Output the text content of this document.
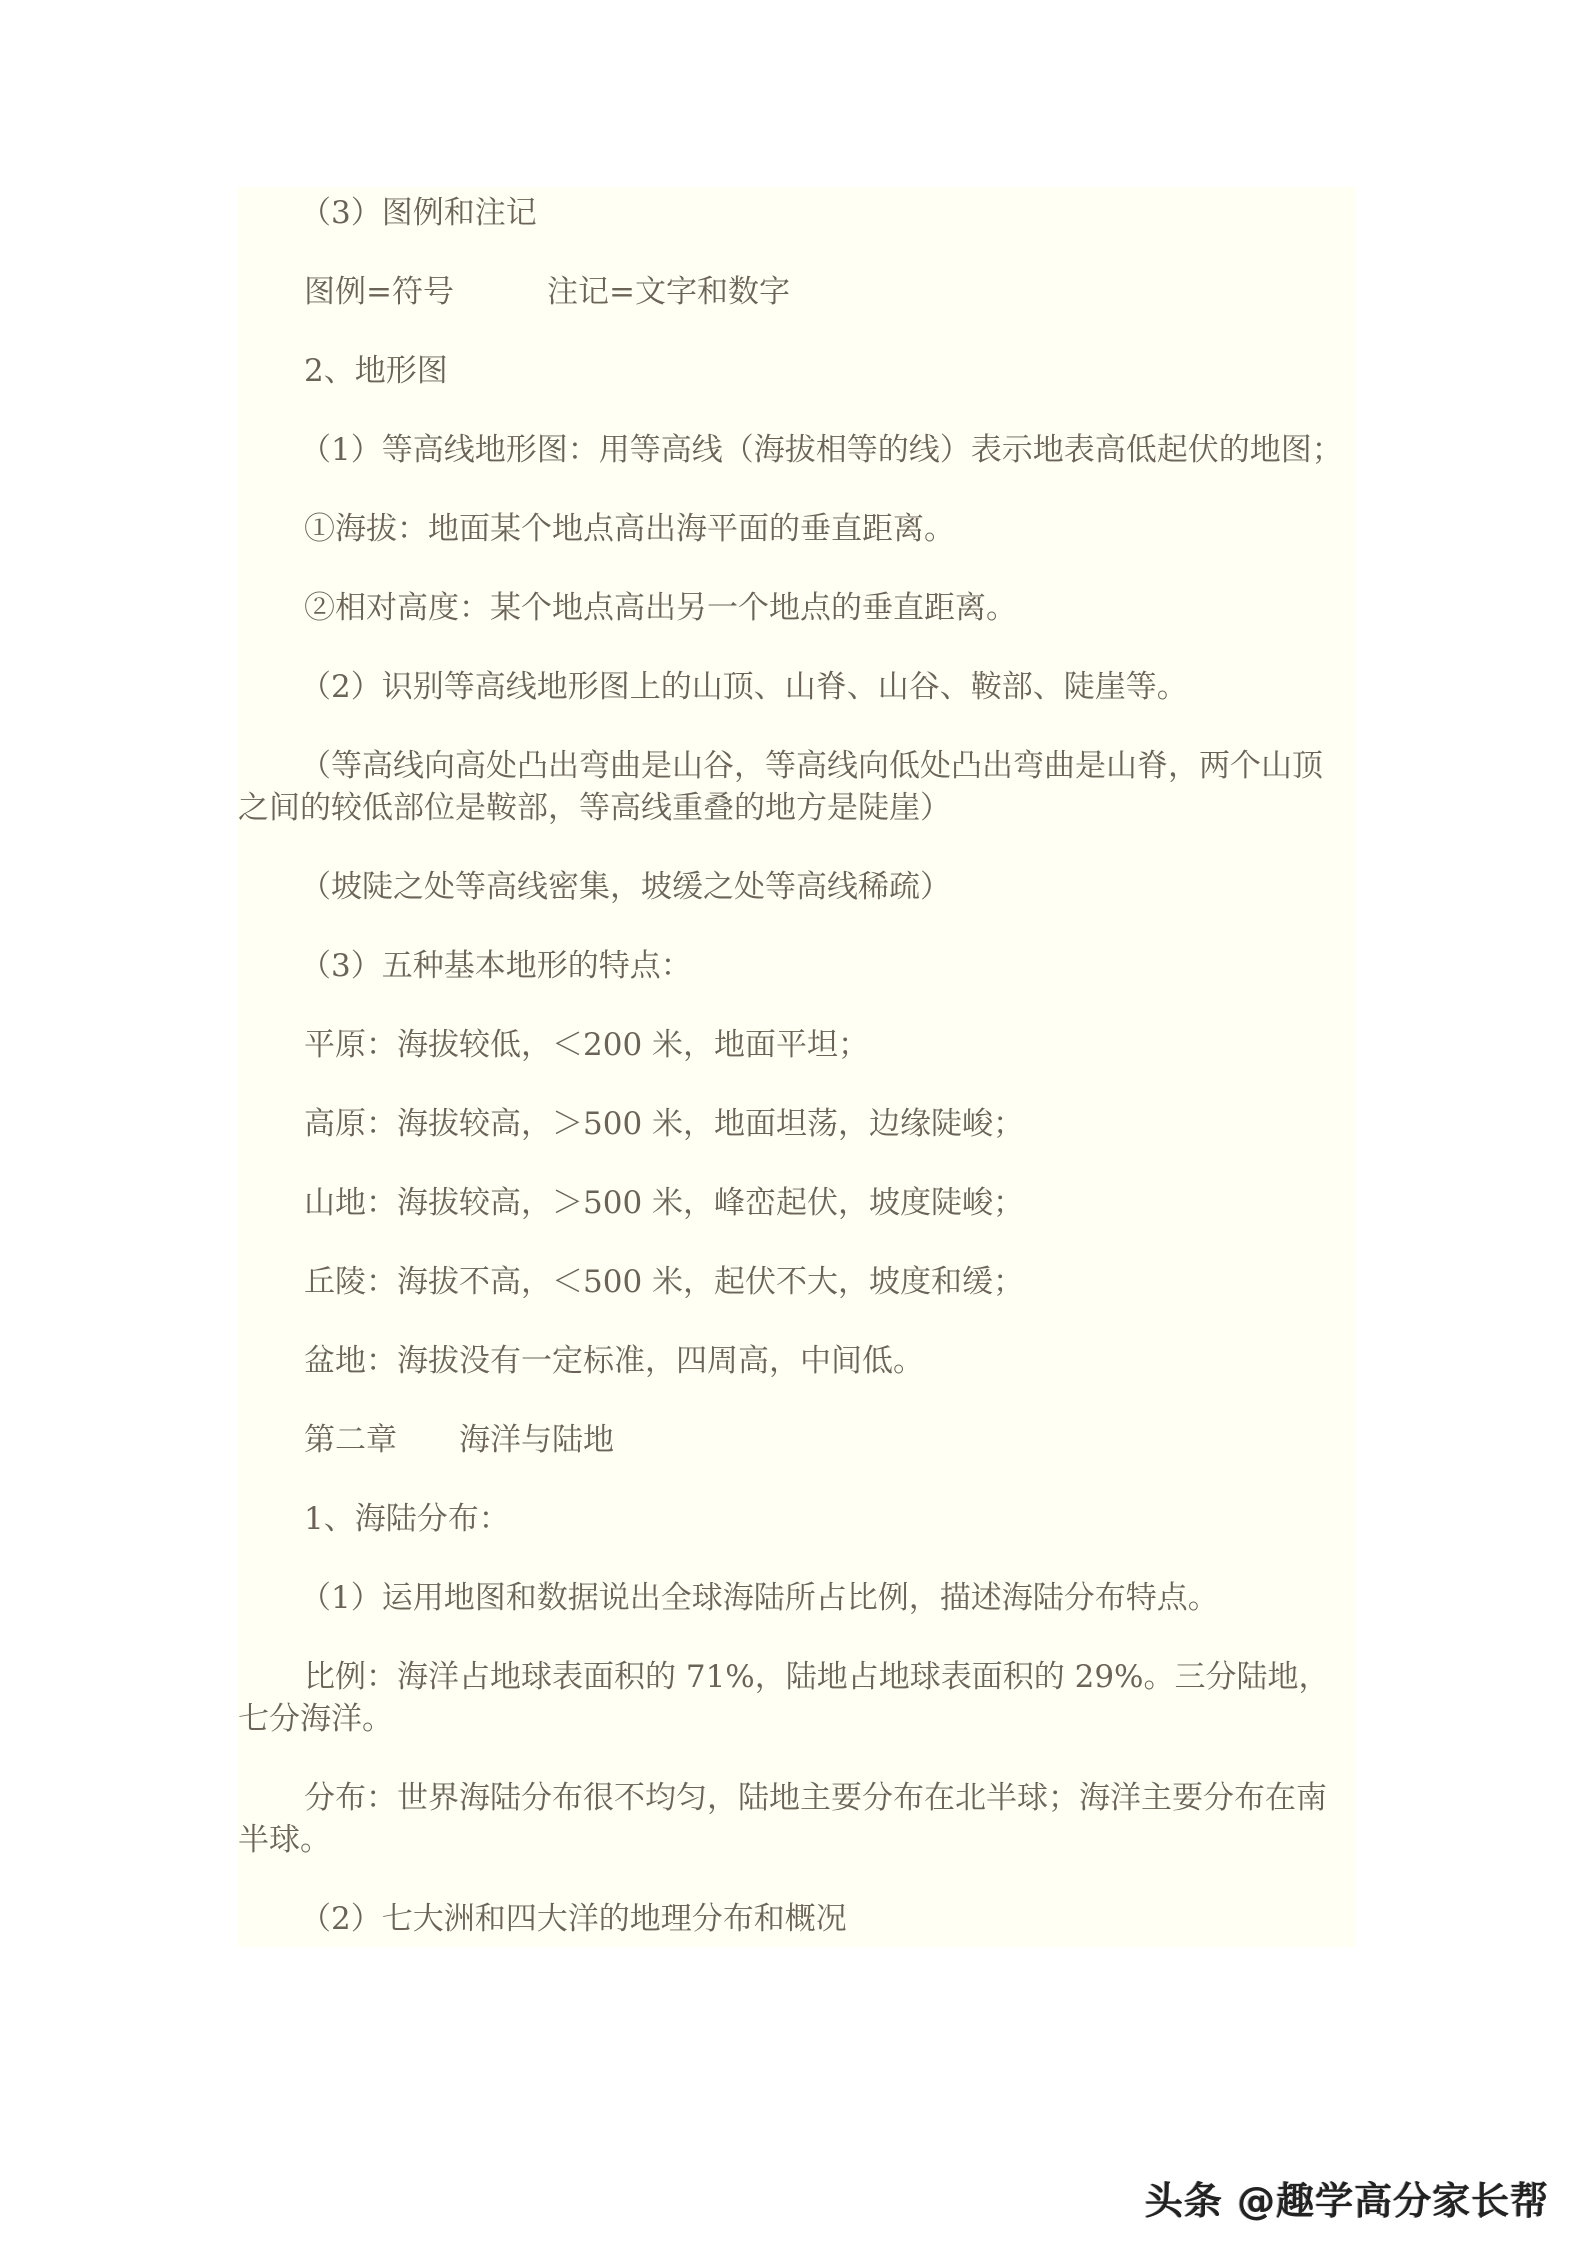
（3）图例和注记

图例=符号　　　注记=文字和数字

2、地形图

（1）等高线地形图：用等高线（海拔相等的线）表示地表高低起伏的地图；

①海拔：地面某个地点高出海平面的垂直距离。

②相对高度：某个地点高出另一个地点的垂直距离。

（2）识别等高线地形图上的山顶、山脊、山谷、鞍部、陡崖等。

（等高线向高处凸出弯曲是山谷，等高线向低处凸出弯曲是山脊，两个山顶
之间的较低部位是鞍部，等高线重叠的地方是陡崖）

（坡陡之处等高线密集，坡缓之处等高线稀疏）

（3）五种基本地形的特点：

平原：海拔较低，＜200 米，地面平坦；

高原：海拔较高，＞500 米，地面坦荡，边缘陡峻；

山地：海拔较高，＞500 米，峰峦起伏，坡度陡峻；

丘陵：海拔不高，＜500 米，起伏不大，坡度和缓；

盆地：海拔没有一定标准，四周高，中间低。

第二章　　海洋与陆地

1、海陆分布：

（1）运用地图和数据说出全球海陆所占比例，描述海陆分布特点。

比例：海洋占地球表面积的 71%，陆地占地球表面积的 29%。三分陆地，
七分海洋。

分布：世界海陆分布很不均匀，陆地主要分布在北半球；海洋主要分布在南
半球。

（2）七大洲和四大洋的地理分布和概况

头条 @趣学高分家长帮
